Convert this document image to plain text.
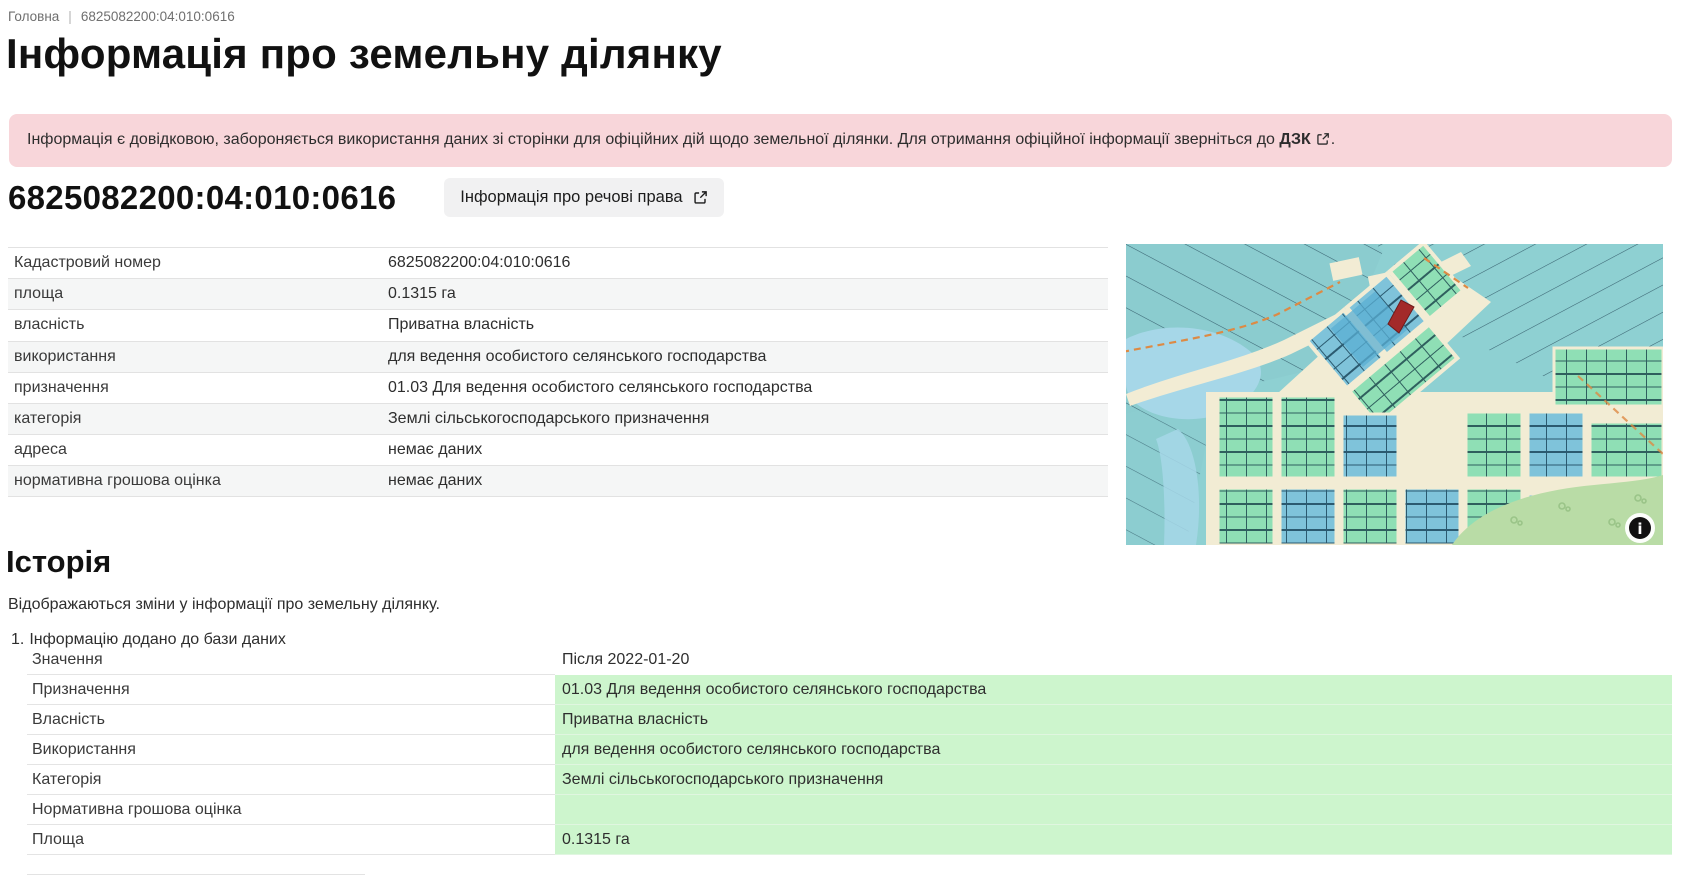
Головна | 6825082200:04:010:0616
Інформація про земельну ділянку
Інформація є довідковою, забороняється використання даних зі сторінки для офіційних дій щодо земельної ділянки. Для отримання офіційної інформації зверніться до ДЗК .
6825082200:04:010:0616	Інформація про речові права
Кадастровий номер	6825082200:04:010:0616
площа	0.1315 га
власність	Приватна власність
використання	для ведення особистого селянського господарства
призначення	01.03 Для ведення особистого селянського господарства
категорія	Землі сільськогосподарського призначення
адреса	немає даних
нормативна грошова оцінка	немає даних
i
Історія
Відображаються зміни у інформації про земельну ділянку.
1. Інформацію додано до бази даних
Значення	Після 2022-01-20
Призначення	01.03 Для ведення особистого селянського господарства
Власність	Приватна власність
Використання	для ведення особистого селянського господарства
Категорія	Землі сільськогосподарського призначення
Нормативна грошова оцінка
Площа	0.1315 га
